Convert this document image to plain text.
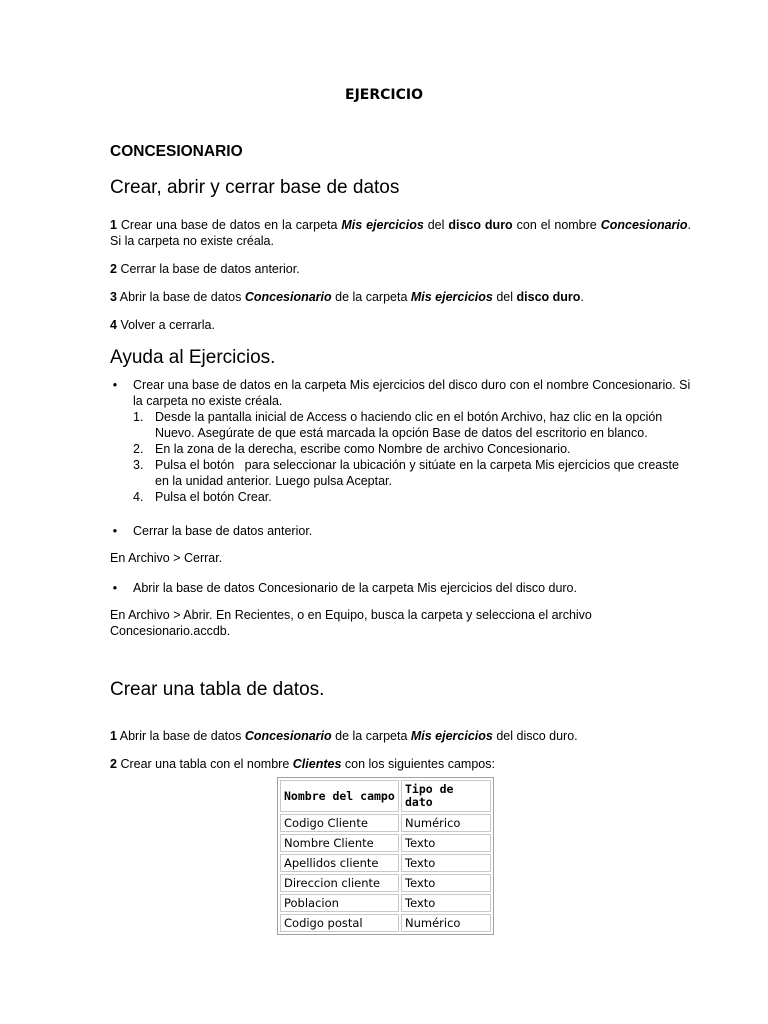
EJERCICIO
CONCESIONARIO
Crear, abrir y cerrar base de datos

1 Crear una base de datos en la carpeta Mis ejercicios del disco duro con el nombre Concesionario. Si la carpeta no existe créala.

2 Cerrar la base de datos anterior.

3 Abrir la base de datos Concesionario de la carpeta Mis ejercicios del disco duro.

4 Volver a cerrarla.

Ayuda al Ejercicios.
• Crear una base de datos en la carpeta Mis ejercicios del disco duro con el nombre Concesionario. Si la carpeta no existe créala.
1. Desde la pantalla inicial de Access o haciendo clic en el botón Archivo, haz clic en la opción Nuevo. Asegúrate de que está marcada la opción Base de datos del escritorio en blanco.
2. En la zona de la derecha, escribe como Nombre de archivo Concesionario.
3. Pulsa el botón   para seleccionar la ubicación y sitúate en la carpeta Mis ejercicios que creaste en la unidad anterior. Luego pulsa Aceptar.
4. Pulsa el botón Crear.
• Cerrar la base de datos anterior.

En Archivo > Cerrar.

• Abrir la base de datos Concesionario de la carpeta Mis ejercicios del disco duro.

En Archivo > Abrir. En Recientes, o en Equipo, busca la carpeta y selecciona el archivo Concesionario.accdb.

Crear una tabla de datos.

1 Abrir la base de datos Concesionario de la carpeta Mis ejercicios del disco duro.

2 Crear una tabla con el nombre Clientes con los siguientes campos:

Nombre del campo	Tipo de dato
Codigo Cliente	Numérico
Nombre Cliente	Texto
Apellidos cliente	Texto
Direccion cliente	Texto
Poblacion	Texto
Codigo postal	Numérico
